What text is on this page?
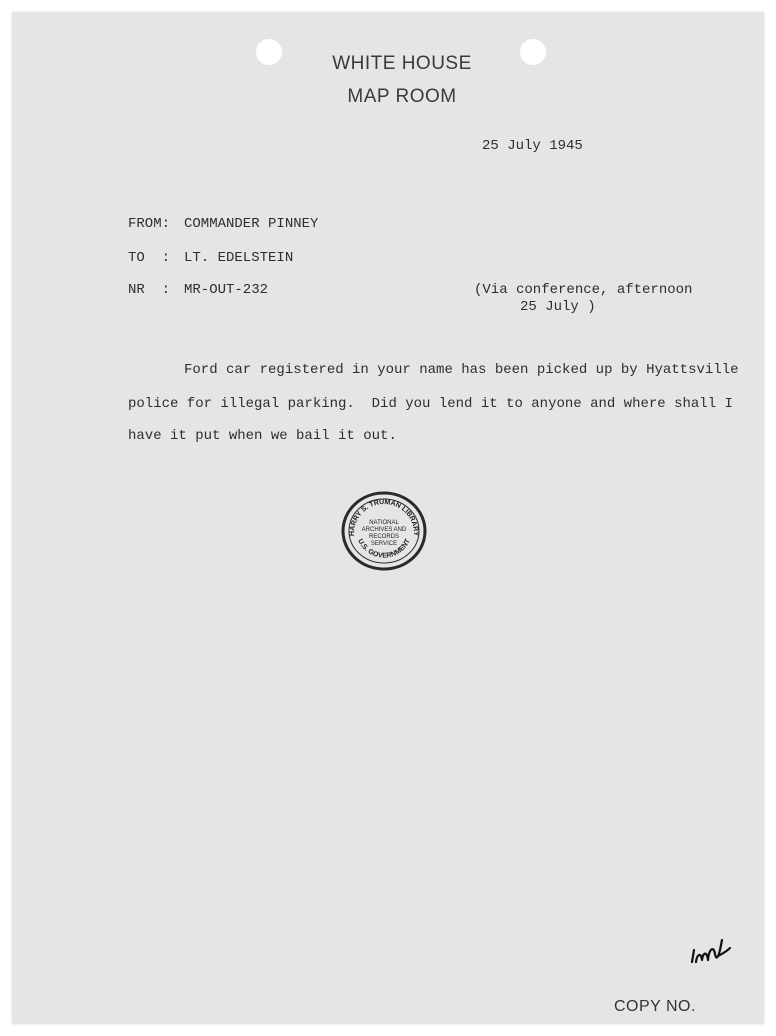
WHITE HOUSE
MAP ROOM
25 July 1945
FROM: COMMANDER PINNEY
TO  : LT. EDELSTEIN
NR  : MR-OUT-232	(Via conference, afternoon
25 July )
Ford car registered in your name has been picked up by Hyattsville
police for illegal parking.  Did you lend it to anyone and where shall I
have it put when we bail it out.
HARRY S. TRUMAN LIBRARY
U.S. GOVERNMENT
NATIONAL
ARCHIVES AND
RECORDS
SERVICE
COPY NO.
